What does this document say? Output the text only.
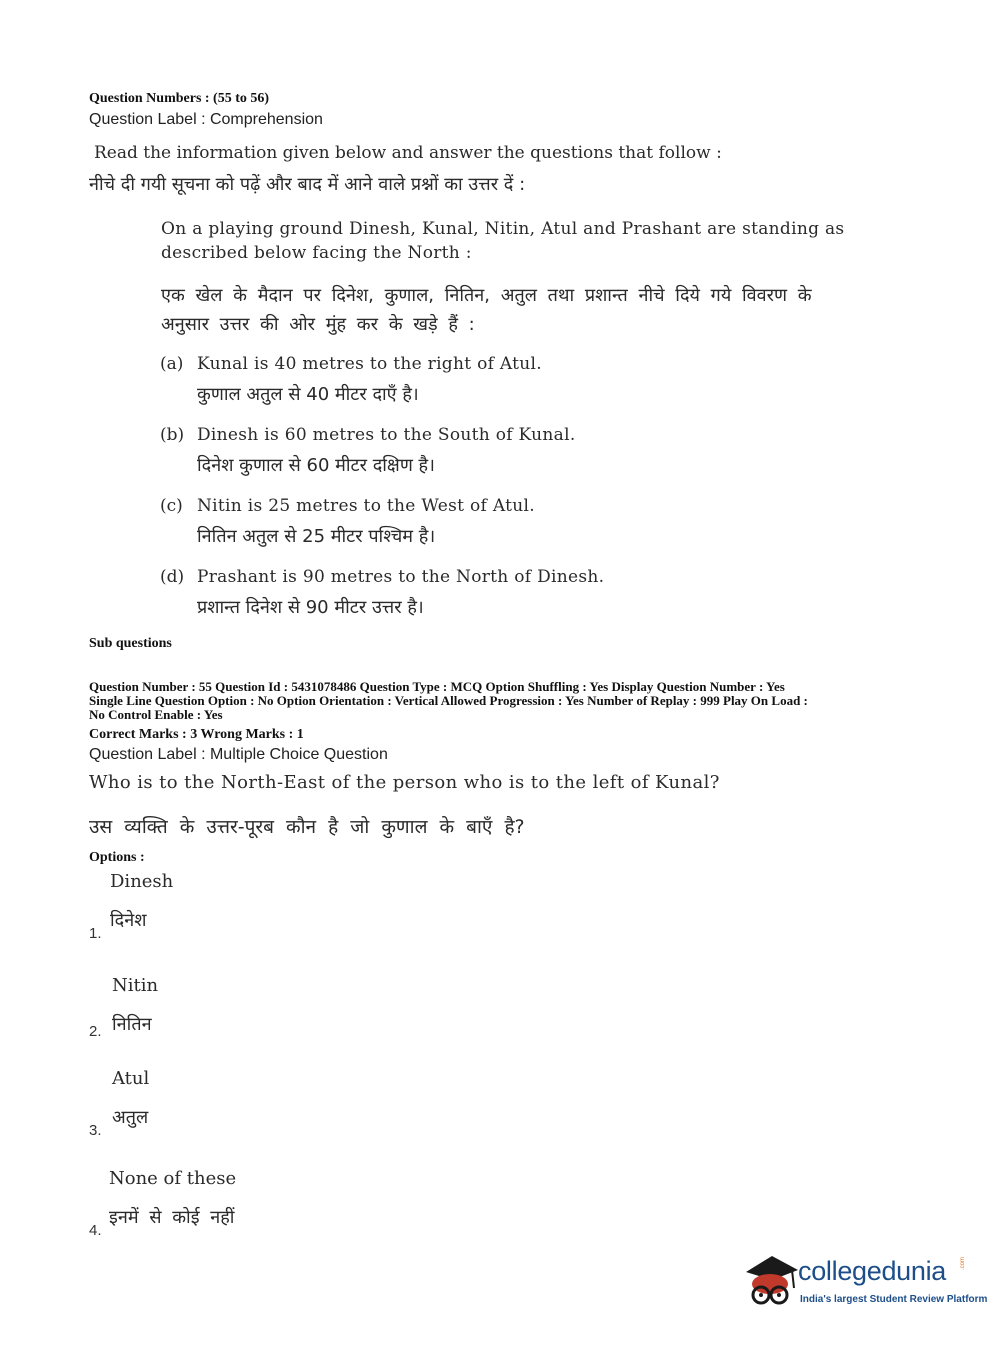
Question Numbers : (55 to 56)
Question Label : Comprehension
Read the information given below and answer the questions that follow :
नीचे दी गयी सूचना को पढ़ें और बाद में आने वाले प्रश्नों का उत्तर दें :
On a playing ground Dinesh, Kunal, Nitin, Atul and Prashant are standing as
described below facing the North :
एक खेल के मैदान पर दिनेश, कुणाल, नितिन, अतुल तथा प्रशान्त नीचे दिये गये विवरण के
अनुसार उत्तर की ओर मुंह कर के खड़े हैं :
(a) Kunal is 40 metres to the right of Atul.
कुणाल अतुल से 40 मीटर दाएँ है।
(b) Dinesh is 60 metres to the South of Kunal.
दिनेश कुणाल से 60 मीटर दक्षिण है।
(c) Nitin is 25 metres to the West of Atul.
नितिन अतुल से 25 मीटर पश्चिम है।
(d) Prashant is 90 metres to the North of Dinesh.
प्रशान्त दिनेश से 90 मीटर उत्तर है।
Sub questions
Question Number : 55 Question Id : 5431078486 Question Type : MCQ Option Shuffling : Yes Display Question Number : Yes
Single Line Question Option : No Option Orientation : Vertical Allowed Progression : Yes Number of Replay : 999 Play On Load :
No Control Enable : Yes
Correct Marks : 3 Wrong Marks : 1
Question Label : Multiple Choice Question
Who is to the North-East of the person who is to the left of Kunal?
उस व्यक्ति के उत्तर-पूरब कौन है जो कुणाल के बाएँ है?
Options :
Dinesh
दिनेश
1.
Nitin
नितिन
2.
Atul
अतुल
3.
None of these
इनमें से कोई नहीं
4.
collegedunia .com
India's largest Student Review Platform
